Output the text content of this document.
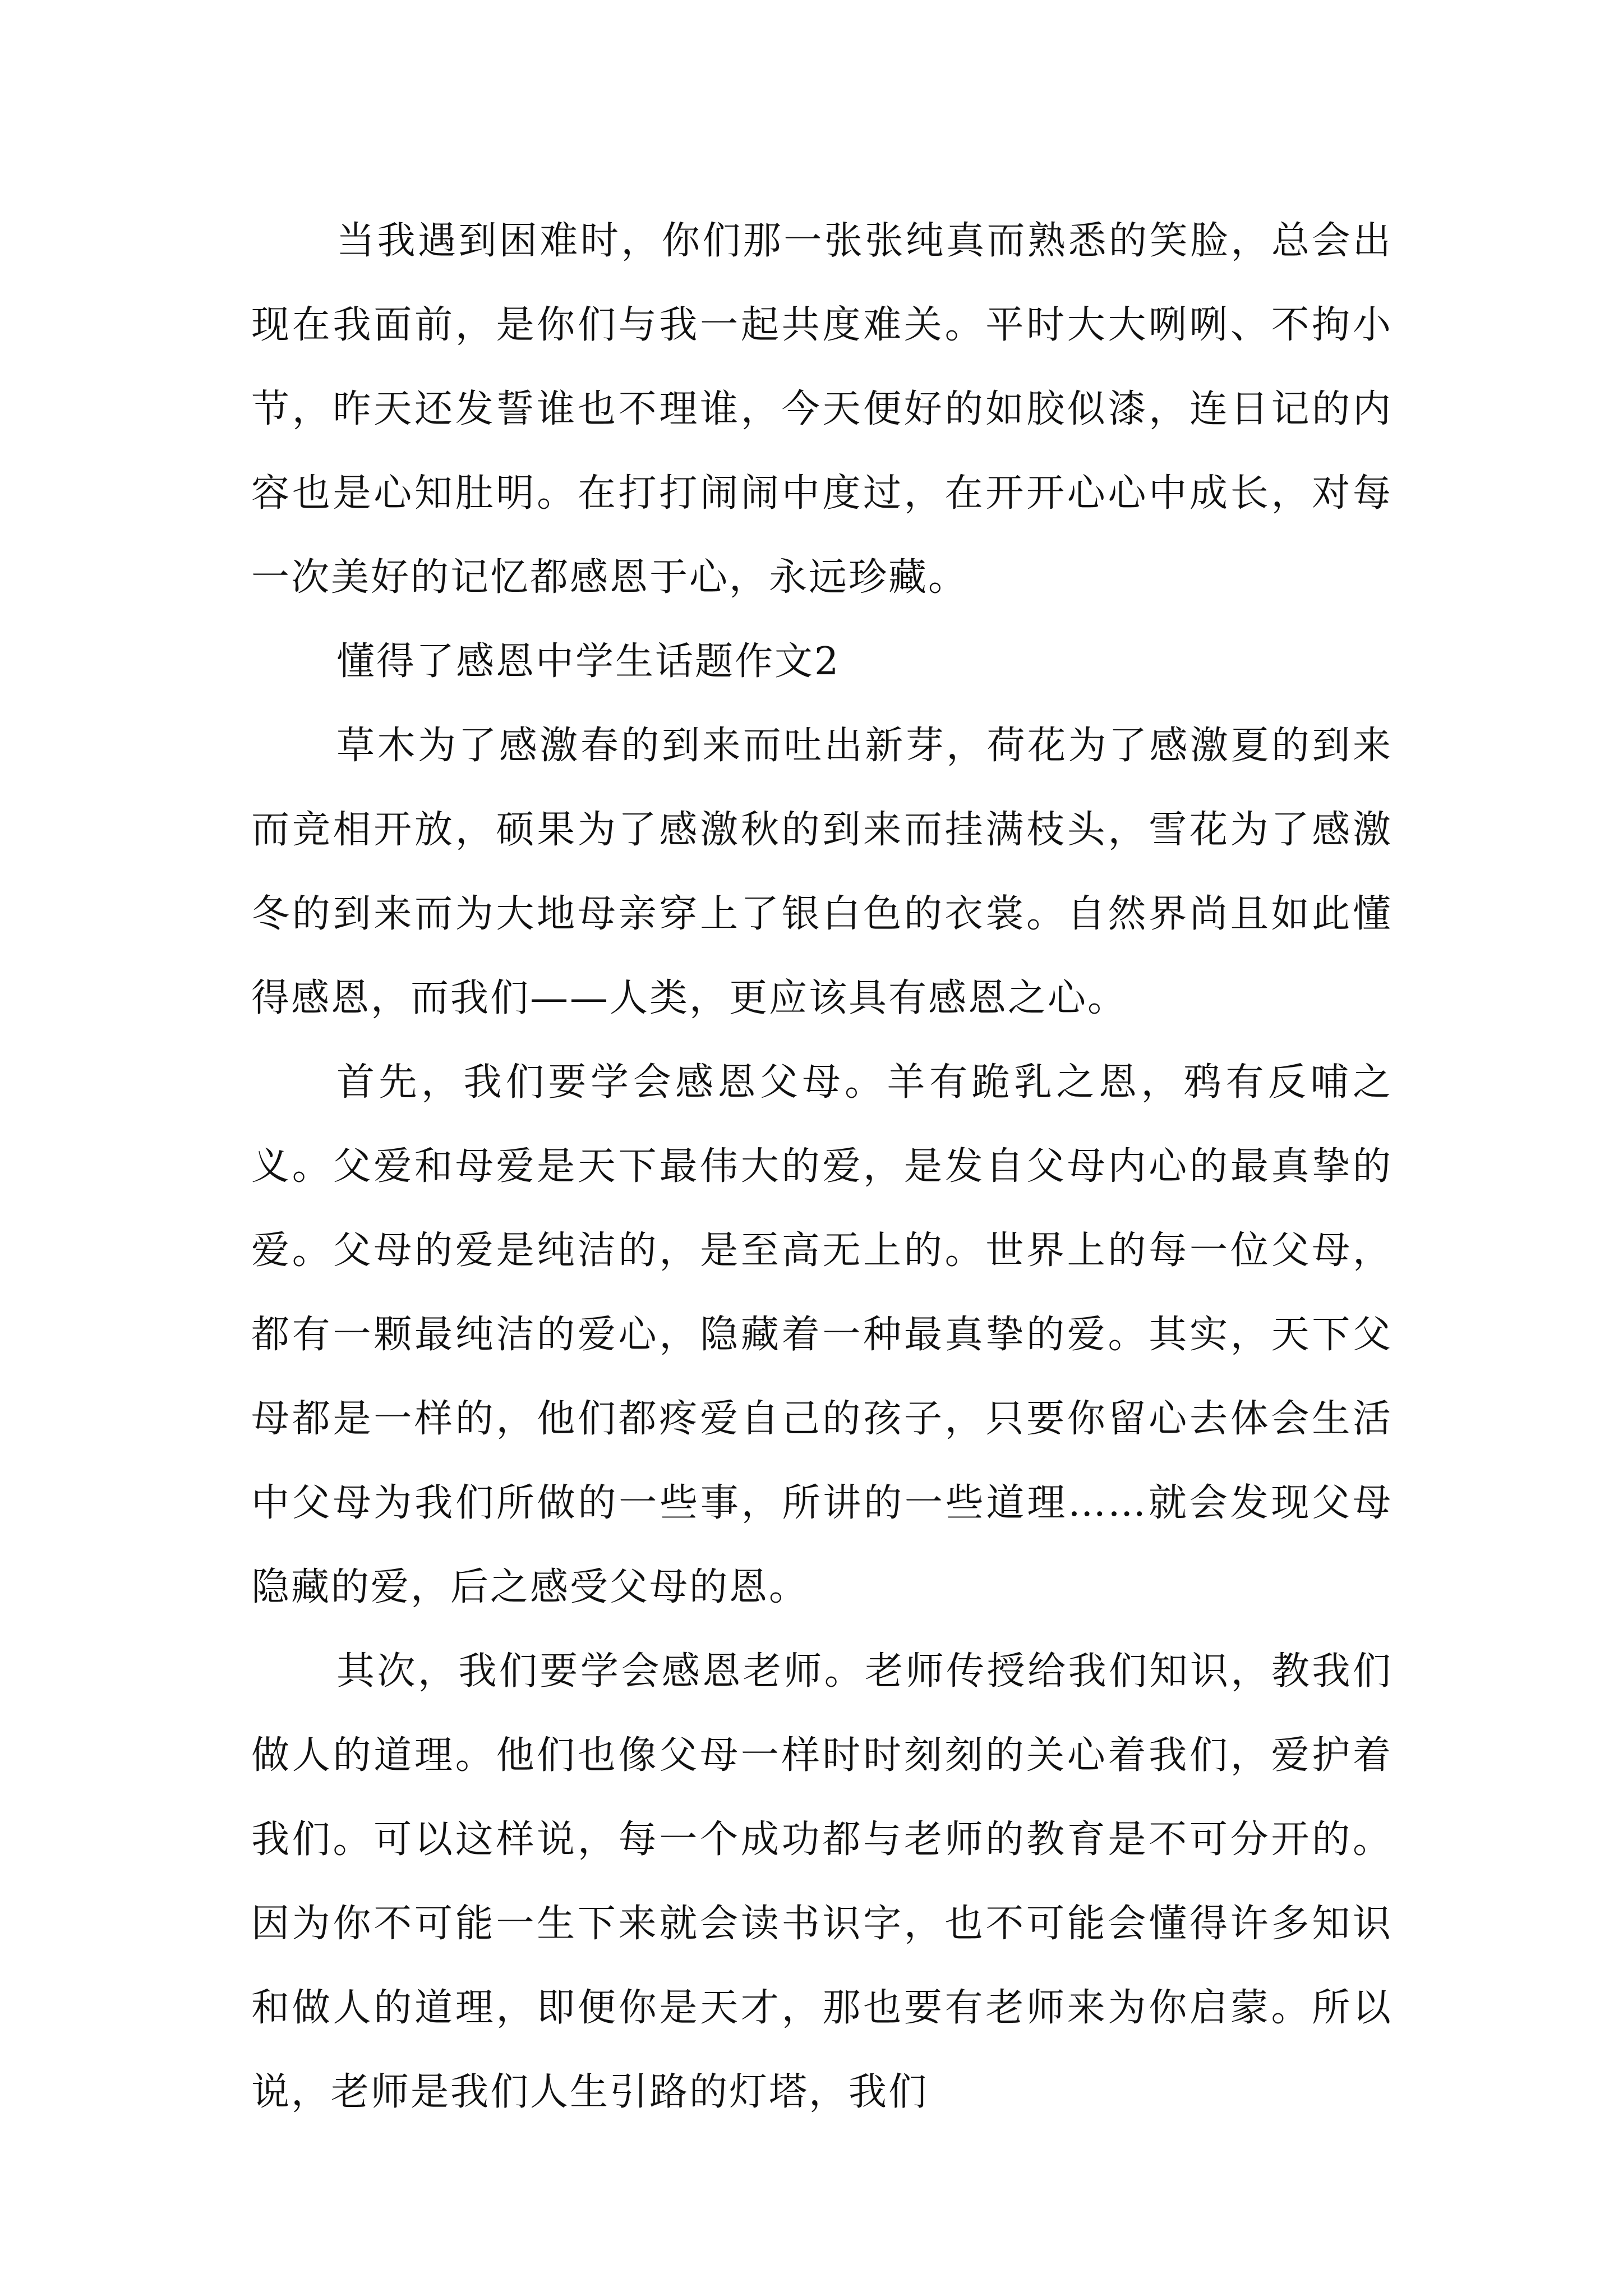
当我遇到困难时，你们那一张张纯真而熟悉的笑脸，总会出现在我面前，是你们与我一起共度难关。平时大大咧咧、不拘小节，昨天还发誓谁也不理谁，今天便好的如胶似漆，连日记的内容也是心知肚明。在打打闹闹中度过，在开开心心中成长，对每一次美好的记忆都感恩于心，永远珍藏。

懂得了感恩中学生话题作文2

草木为了感激春的到来而吐出新芽，荷花为了感激夏的到来而竞相开放，硕果为了感激秋的到来而挂满枝头，雪花为了感激冬的到来而为大地母亲穿上了银白色的衣裳。自然界尚且如此懂得感恩，而我们——人类，更应该具有感恩之心。

首先，我们要学会感恩父母。羊有跪乳之恩，鸦有反哺之义。父爱和母爱是天下最伟大的爱，是发自父母内心的最真挚的爱。父母的爱是纯洁的，是至高无上的。世界上的每一位父母，都有一颗最纯洁的爱心，隐藏着一种最真挚的爱。其实，天下父母都是一样的，他们都疼爱自己的孩子，只要你留心去体会生活中父母为我们所做的一些事，所讲的一些道理……就会发现父母隐藏的爱，后之感受父母的恩。

其次，我们要学会感恩老师。老师传授给我们知识，教我们做人的道理。他们也像父母一样时时刻刻的关心着我们，爱护着我们。可以这样说，每一个成功都与老师的教育是不可分开的。因为你不可能一生下来就会读书识字，也不可能会懂得许多知识和做人的道理，即便你是天才，那也要有老师来为你启蒙。所以说，老师是我们人生引路的灯塔，我们
